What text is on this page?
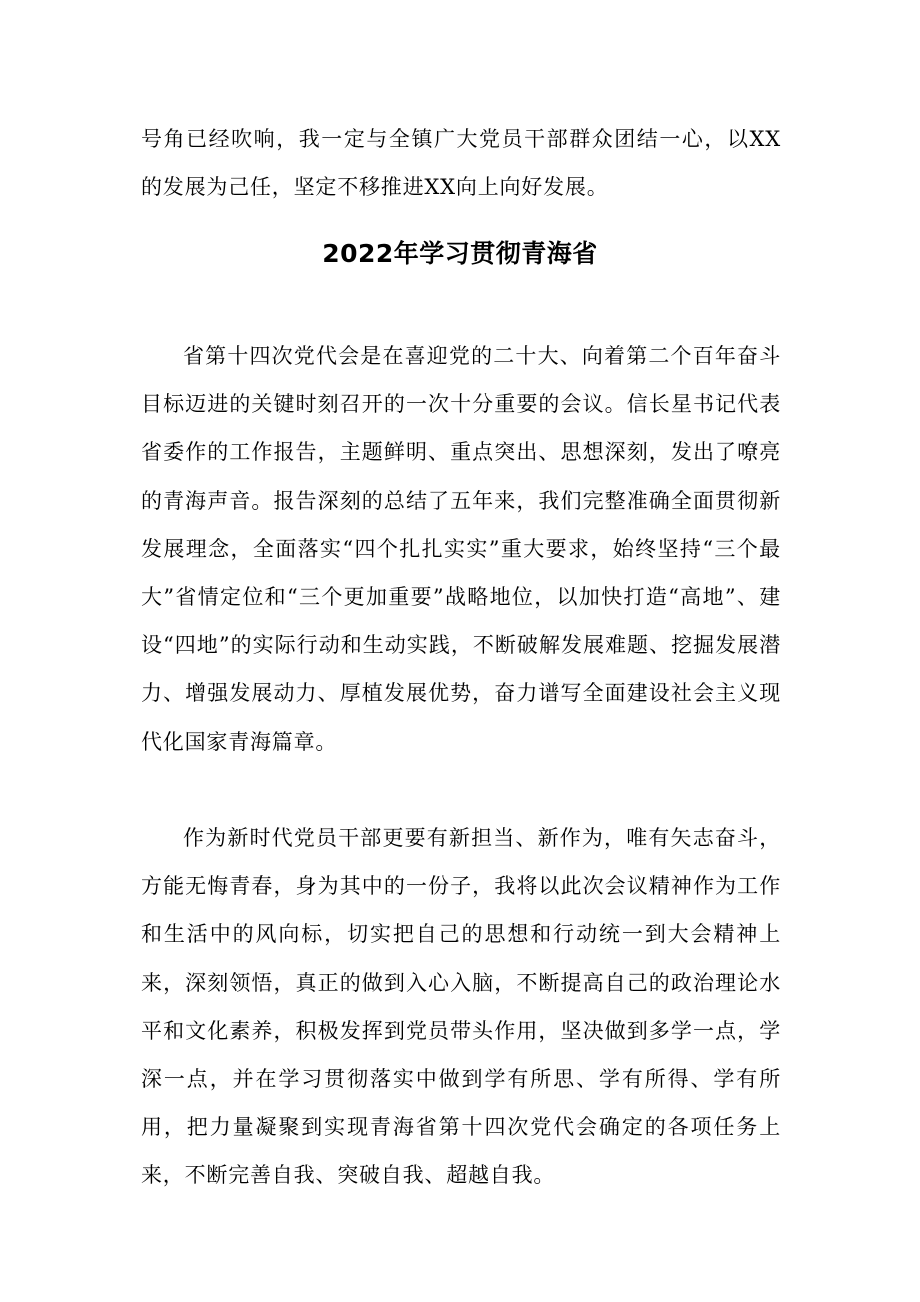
号角已经吹响，我一定与全镇广大党员干部群众团结一心，以XX的发展为己任，坚定不移推进XX向上向好发展。

2022年学习贯彻青海省

省第十四次党代会是在喜迎党的二十大、向着第二个百年奋斗目标迈进的关键时刻召开的一次十分重要的会议。信长星书记代表省委作的工作报告，主题鲜明、重点突出、思想深刻，发出了嘹亮的青海声音。报告深刻的总结了五年来，我们完整准确全面贯彻新发展理念，全面落实“四个扎扎实实”重大要求，始终坚持“三个最大”省情定位和“三个更加重要”战略地位，以加快打造“高地”、建设“四地”的实际行动和生动实践，不断破解发展难题、挖掘发展潜力、增强发展动力、厚植发展优势，奋力谱写全面建设社会主义现代化国家青海篇章。

作为新时代党员干部更要有新担当、新作为，唯有矢志奋斗，方能无悔青春，身为其中的一份子，我将以此次会议精神作为工作和生活中的风向标，切实把自己的思想和行动统一到大会精神上来，深刻领悟，真正的做到入心入脑，不断提高自己的政治理论水平和文化素养，积极发挥到党员带头作用，坚决做到多学一点，学深一点，并在学习贯彻落实中做到学有所思、学有所得、学有所用，把力量凝聚到实现青海省第十四次党代会确定的各项任务上来，不断完善自我、突破自我、超越自我。
